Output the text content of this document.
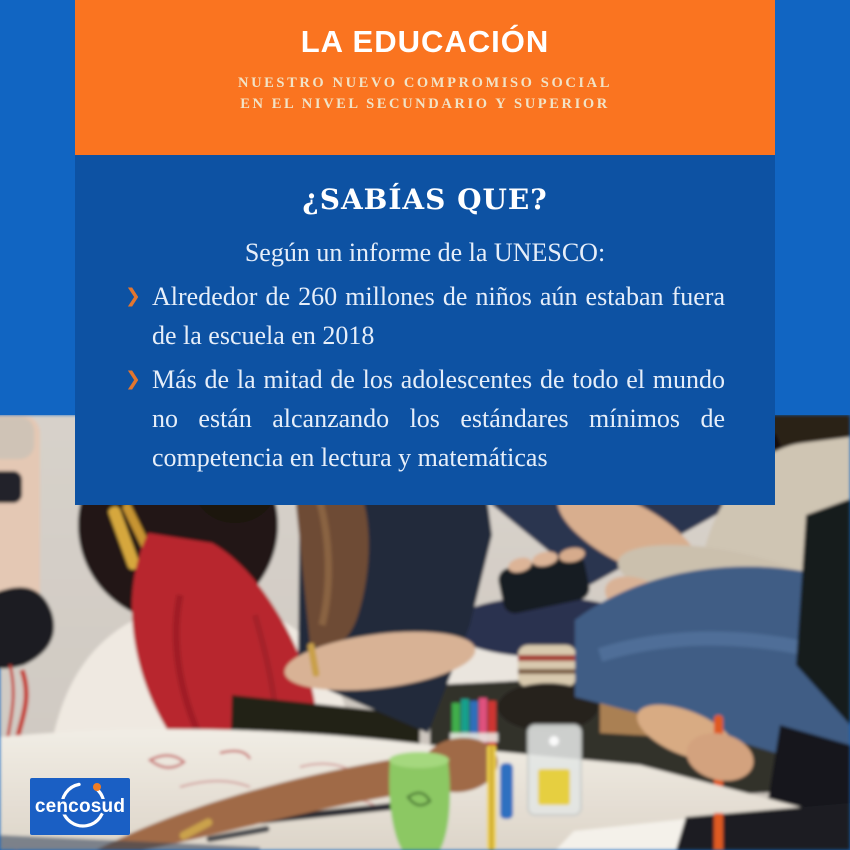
LA EDUCACIÓN
NUESTRO NUEVO COMPROMISO SOCIAL
EN EL NIVEL SECUNDARIO Y SUPERIOR
¿SABÍAS QUE?

Según un informe de la UNESCO:

❯ Alrededor de 260 millones de niños aún estaban fuera de la escuela en 2018
❯ Más de la mitad de los adolescentes de todo el mundo no están alcanzando los estándares mínimos de competencia en lectura y matemáticas
cencosud
